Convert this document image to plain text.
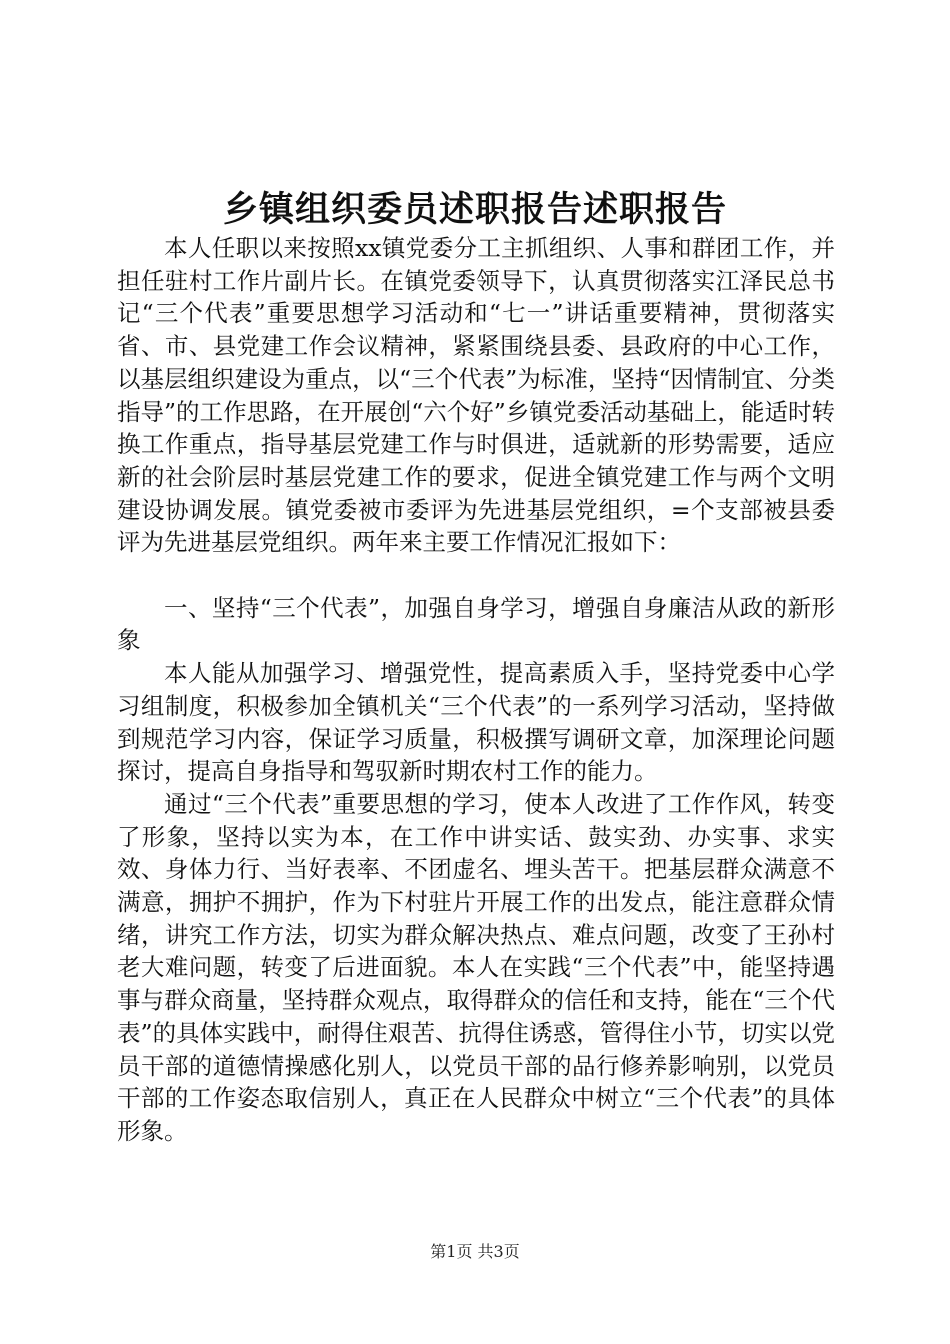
乡镇组织委员述职报告述职报告

本人任职以来按照xx镇党委分工主抓组织、人事和群团工作，并担任驻村工作片副片长。在镇党委领导下，认真贯彻落实江泽民总书记“三个代表”重要思想学习活动和“七一”讲话重要精神，贯彻落实省、市、县党建工作会议精神，紧紧围绕县委、县政府的中心工作，以基层组织建设为重点，以“三个代表”为标准，坚持“因情制宜、分类指导”的工作思路，在开展创“六个好”乡镇党委活动基础上，能适时转换工作重点，指导基层党建工作与时俱进，适就新的形势需要，适应新的社会阶层时基层党建工作的要求，促进全镇党建工作与两个文明建设协调发展。镇党委被市委评为先进基层党组织，=个支部被县委评为先进基层党组织。两年来主要工作情况汇报如下：

一、坚持“三个代表”，加强自身学习，增强自身廉洁从政的新形象

本人能从加强学习、增强党性，提高素质入手，坚持党委中心学习组制度，积极参加全镇机关“三个代表”的一系列学习活动，坚持做到规范学习内容，保证学习质量，积极撰写调研文章，加深理论问题探讨，提高自身指导和驾驭新时期农村工作的能力。

通过“三个代表”重要思想的学习，使本人改进了工作作风，转变了形象，坚持以实为本，在工作中讲实话、鼓实劲、办实事、求实效、身体力行、当好表率、不团虚名、埋头苦干。把基层群众满意不满意，拥护不拥护，作为下村驻片开展工作的出发点，能注意群众情绪，讲究工作方法，切实为群众解决热点、难点问题，改变了王孙村老大难问题，转变了后进面貌。本人在实践“三个代表”中，能坚持遇事与群众商量，坚持群众观点，取得群众的信任和支持，能在“三个代表”的具体实践中，耐得住艰苦、抗得住诱惑，管得住小节，切实以党员干部的道德情操感化别人，以党员干部的品行修养影响别，以党员干部的工作姿态取信别人，真正在人民群众中树立“三个代表”的具体形象。

第1页 共3页
